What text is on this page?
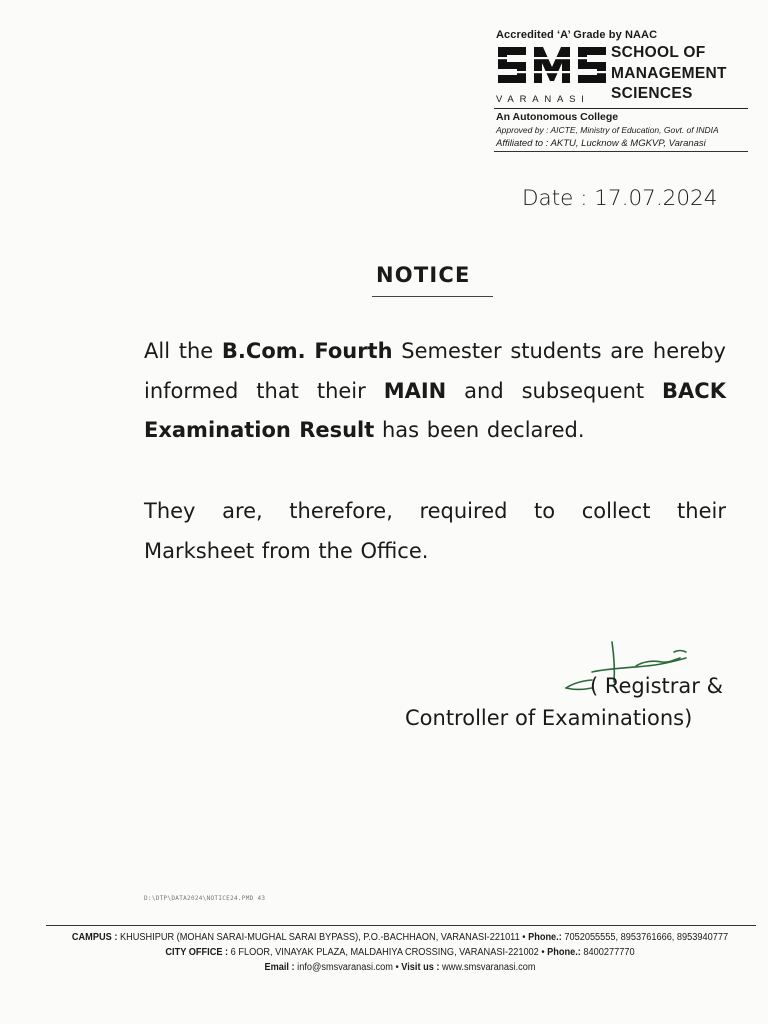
Accredited ‘A’ Grade by NAAC
SCHOOL OF
MANAGEMENT
VARANASI SCIENCES
An Autonomous College
Approved by : AICTE, Ministry of Education, Govt. of INDIA
Affiliated to : AKTU, Lucknow & MGKVP, Varanasi
Date : 17.07.2024
NOTICE
All the B.Com. Fourth Semester students are hereby informed that their MAIN and subsequent BACK Examination Result has been declared.
They are, therefore, required to collect their Marksheet from the Office.
( Registrar &
Controller of Examinations)
D:\DTP\DATA2024\NOTICE24.PMD 43
CAMPUS : KHUSHIPUR (MOHAN SARAI-MUGHAL SARAI BYPASS), P.O.-BACHHAON, VARANASI-221011 • Phone.: 7052055555, 8953761666, 8953940777
CITY OFFICE : 6 FLOOR, VINAYAK PLAZA, MALDAHIYA CROSSING, VARANASI-221002 • Phone.: 8400277770
Email : info@smsvaranasi.com • Visit us : www.smsvaranasi.com
